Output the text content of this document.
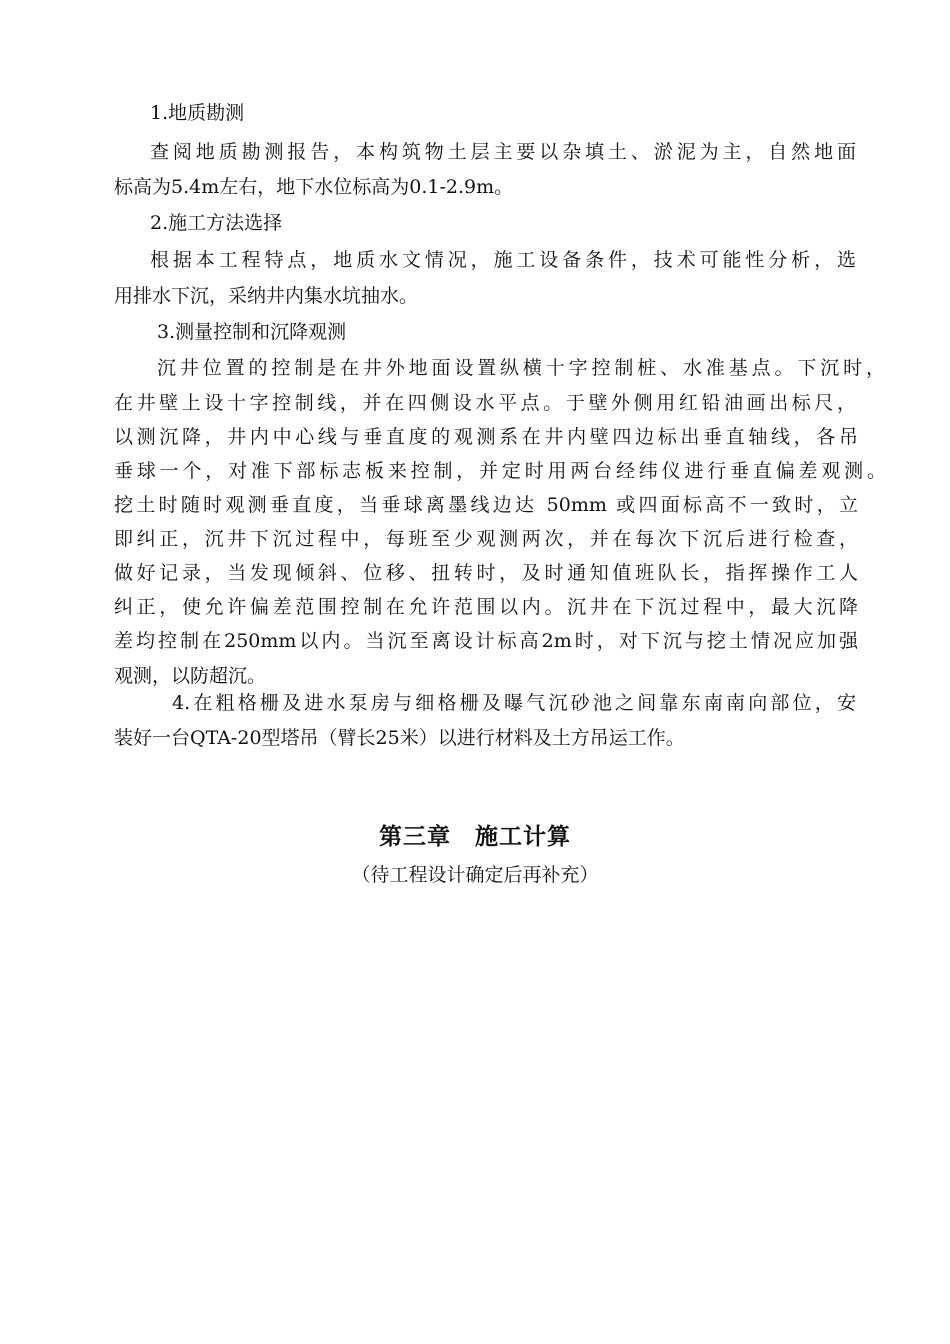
1.地质勘测
查阅地质勘测报告，本构筑物土层主要以杂填土、淤泥为主，自然地面
标高为5.4m左右，地下水位标高为0.1-2.9m。
2.施工方法选择
根据本工程特点，地质水文情况，施工设备条件，技术可能性分析，选
用排水下沉，采纳井内集水坑抽水。
3.测量控制和沉降观测
沉井位置的控制是在井外地面设置纵横十字控制桩、水准基点。下沉时，
在井壁上设十字控制线，并在四侧设水平点。于壁外侧用红铅油画出标尺，
以测沉降，井内中心线与垂直度的观测系在井内壁四边标出垂直轴线，各吊
垂球一个，对准下部标志板来控制，并定时用两台经纬仪进行垂直偏差观测。
挖土时随时观测垂直度，当垂球离墨线边达 50mm 或四面标高不一致时，立
即纠正，沉井下沉过程中，每班至少观测两次，并在每次下沉后进行检查，
做好记录，当发现倾斜、位移、扭转时，及时通知值班队长，指挥操作工人
纠正，使允许偏差范围控制在允许范围以内。沉井在下沉过程中，最大沉降
差均控制在250mm以内。当沉至离设计标高2m时，对下沉与挖土情况应加强
观测，以防超沉。
4.在粗格栅及进水泵房与细格栅及曝气沉砂池之间靠东南南向部位，安
装好一台QTA-20型塔吊（臂长25米）以进行材料及土方吊运工作。
第三章　施工计算
（待工程设计确定后再补充）
